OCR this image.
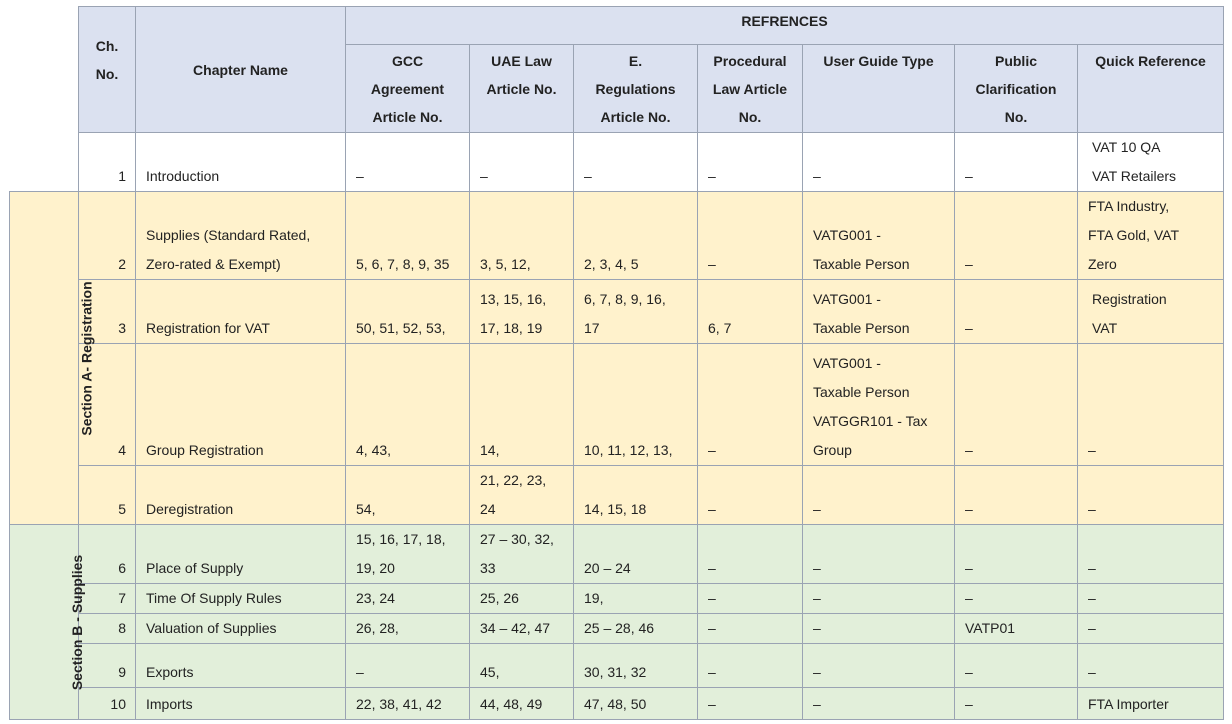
	Ch.
No.	Chapter Name	REFRENCES						
			GCC
Agreement
Article No.	UAE Law
Article No.	E.
Regulations
Article No.	Procedural
Law Article
No.	User Guide Type	Public
Clarification
No.	Quick Reference
	1	Introduction	–	–	–	–	–	–	VAT 10 QA
VAT Retailers
Section A- Registration	2	Supplies (Standard Rated,
Zero-rated & Exempt)	5, 6, 7, 8, 9, 35	3, 5, 12,	2, 3, 4, 5	–	VATG001 -
Taxable Person	–	FTA Industry,
FTA Gold, VAT
Zero
	3	Registration for VAT	50, 51, 52, 53,	13, 15, 16,
17, 18, 19	6, 7, 8, 9, 16,
17	6, 7	VATG001 -
Taxable Person	–	Registration
VAT
	4	Group Registration	4, 43,	14,	10, 11, 12, 13,	–	VATG001 -
Taxable Person
VATGGR101 - Tax
Group	–	–
	5	Deregistration	54,	21, 22, 23,
24	14, 15, 18	–	–	–	–
Section B - Supplies	6	Place of Supply	15, 16, 17, 18,
19, 20	27 – 30, 32,
33	20 – 24	–	–	–	–
	7	Time Of Supply Rules	23, 24	25, 26	19,	–	–	–	–
	8	Valuation of Supplies	26, 28,	34 – 42, 47	25 – 28, 46	–	–	VATP01	–
	9	Exports	–	45,	30, 31, 32	–	–	–	–
	10	Imports	22, 38, 41, 42	44, 48, 49	47, 48, 50	–	–	–	FTA Importer
